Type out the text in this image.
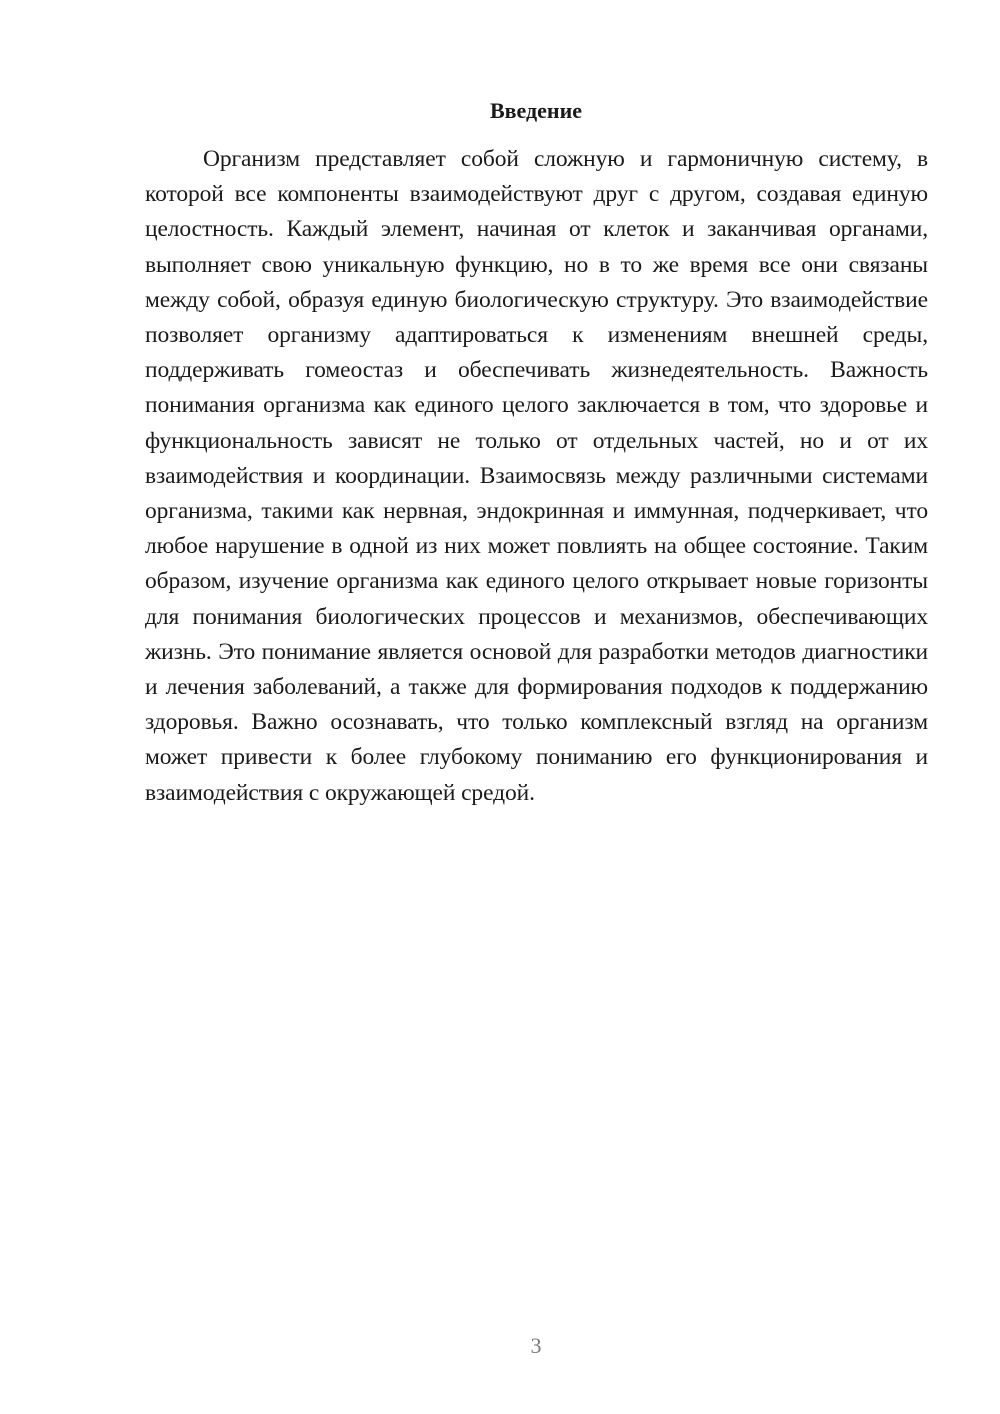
Введение

Организм представляет собой сложную и гармоничную систему, в которой все компоненты взаимодействуют друг с другом, создавая единую целостность. Каждый элемент, начиная от клеток и заканчивая органами, выполняет свою уникальную функцию, но в то же время все они связаны между собой, образуя единую биологическую структуру. Это взаимодействие позволяет организму адаптироваться к изменениям внешней среды, поддерживать гомеостаз и обеспечивать жизнедеятельность. Важность понимания организма как единого целого заключается в том, что здоровье и функциональность зависят не только от отдельных частей, но и от их взаимодействия и координации. Взаимосвязь между различными системами организма, такими как нервная, эндокринная и иммунная, подчеркивает, что любое нарушение в одной из них может повлиять на общее состояние. Таким образом, изучение организма как единого целого открывает новые горизонты для понимания биологических процессов и механизмов, обеспечивающих жизнь. Это понимание является основой для разработки методов диагностики и лечения заболеваний, а также для формирования подходов к поддержанию здоровья. Важно осознавать, что только комплексный взгляд на организм может привести к более глубокому пониманию его функционирования и взаимодействия с окружающей средой.

3
